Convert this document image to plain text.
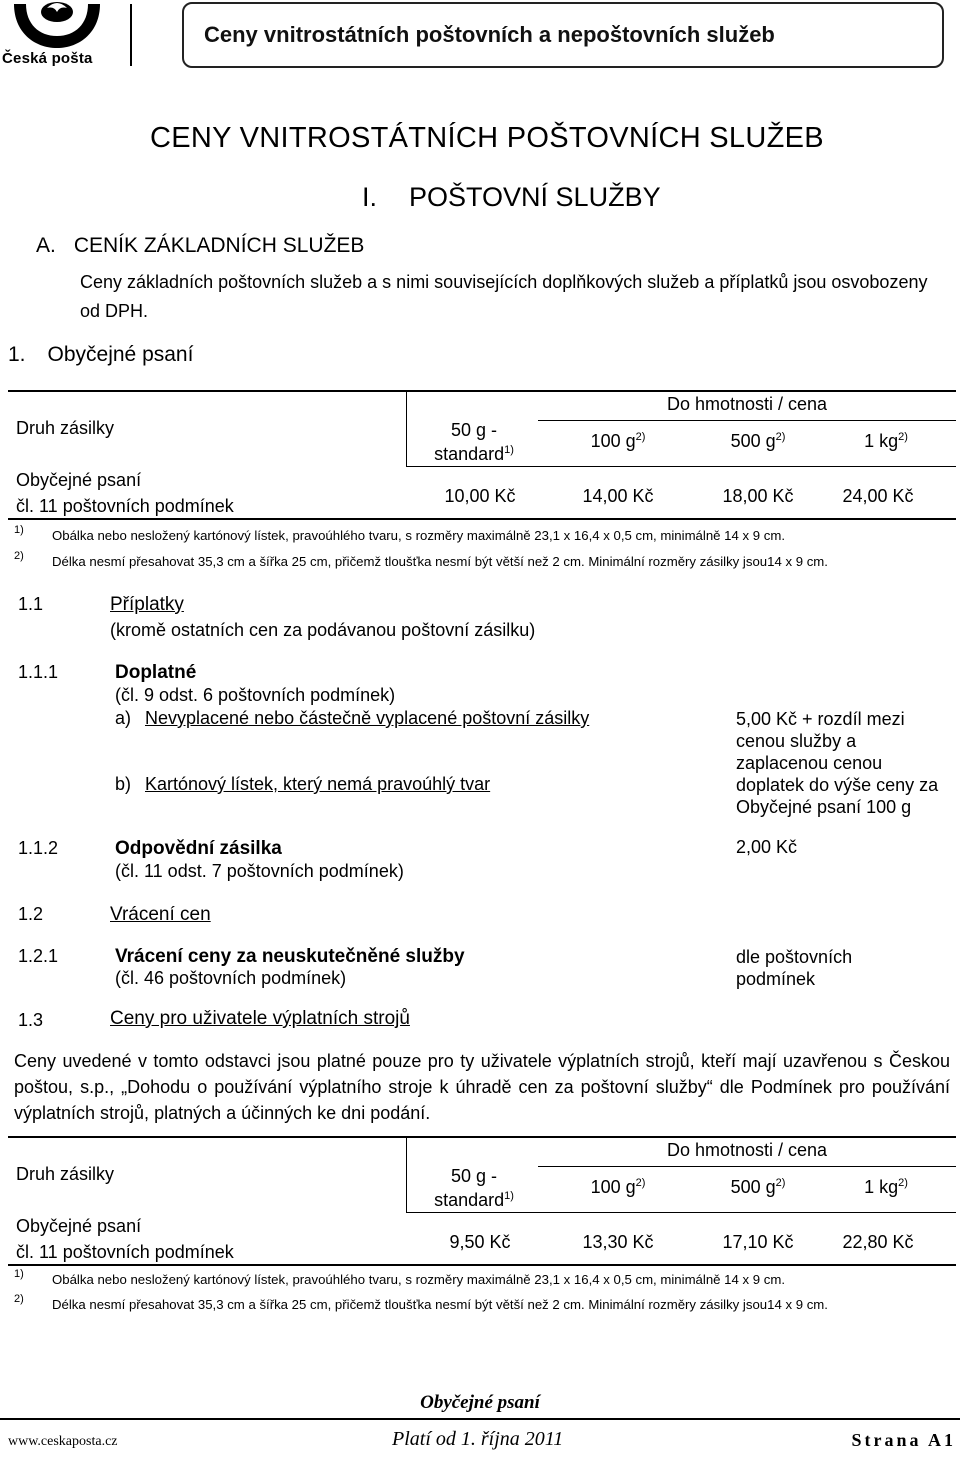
Česká pošta
Ceny vnitrostátních poštovních a nepoštovních služeb
CENY VNITROSTÁTNÍCH POŠTOVNÍCH SLUŽEB
I. POŠTOVNÍ SLUŽBY
A. CENÍK ZÁKLADNÍCH SLUŽEB
Ceny základních poštovních služeb a s nimi souvisejících doplňkových služeb a příplatků jsou osvobozeny od DPH.
1. Obyčejné psaní
Druh zásilky
Do hmotnosti / cena
50 g -
standard$^{1)}$	100 $g^{2)}$	500 $g^{2)}$	1 $kg^{2)}$
Obyčejné psaní
čl. 11 poštovních podmínek	10,00 Kč	14,00 Kč	18,00 Kč	24,00 Kč
1) Obálka nebo nesložený kartónový lístek, pravoúhlého tvaru, s rozměry maximálně 23,1 x 16,4 x 0,5 cm, minimálně 14 x 9 cm.
2) Délka nesmí přesahovat 35,3 cm a šířka 25 cm, přičemž tloušťka nesmí být větší než 2 cm. Minimální rozměry zásilky jsou14 x 9 cm.
1.1	Příplatky
(kromě ostatních cen za podávanou poštovní zásilku)
1.1.1	Doplatné
(čl. 9 odst. 6 poštovních podmínek)
a) Nevyplacené nebo částečně vyplacené poštovní zásilky
b) Kartónový lístek, který nemá pravoúhlý tvar
5,00 Kč + rozdíl mezi
cenou služby a
zaplacenou cenou
doplatek do výše ceny za
Obyčejné psaní 100 g
1.1.2	Odpovědní zásilka
(čl. 11 odst. 7 poštovních podmínek)
2,00 Kč
1.2	Vrácení cen
1.2.1	Vrácení ceny za neuskutečněné služby
(čl. 46 poštovních podmínek)
dle poštovních
podmínek
1.3	Ceny pro uživatele výplatních strojů
Ceny uvedené v tomto odstavci jsou platné pouze pro ty uživatele výplatních strojů, kteří mají uzavřenou s Českou poštou, s.p., „Dohodu o používání výplatního stroje k úhradě cen za poštovní služby“ dle Podmínek pro používání výplatních strojů, platných a účinných ke dni podání.
Druh zásilky
Do hmotnosti / cena
50 g -
standard$^{1)}$	100 $g^{2)}$	500 $g^{2)}$	1 $kg^{2)}$
Obyčejné psaní
čl. 11 poštovních podmínek	9,50 Kč	13,30 Kč	17,10 Kč	22,80 Kč
1) Obálka nebo nesložený kartónový lístek, pravoúhlého tvaru, s rozměry maximálně 23,1 x 16,4 x 0,5 cm, minimálně 14 x 9 cm.
2) Délka nesmí přesahovat 35,3 cm a šířka 25 cm, přičemž tloušťka nesmí být větší než 2 cm. Minimální rozměry zásilky jsou14 x 9 cm.
Obyčejné psaní
www.ceskaposta.cz	Platí od 1. října 2011	Strana A1
